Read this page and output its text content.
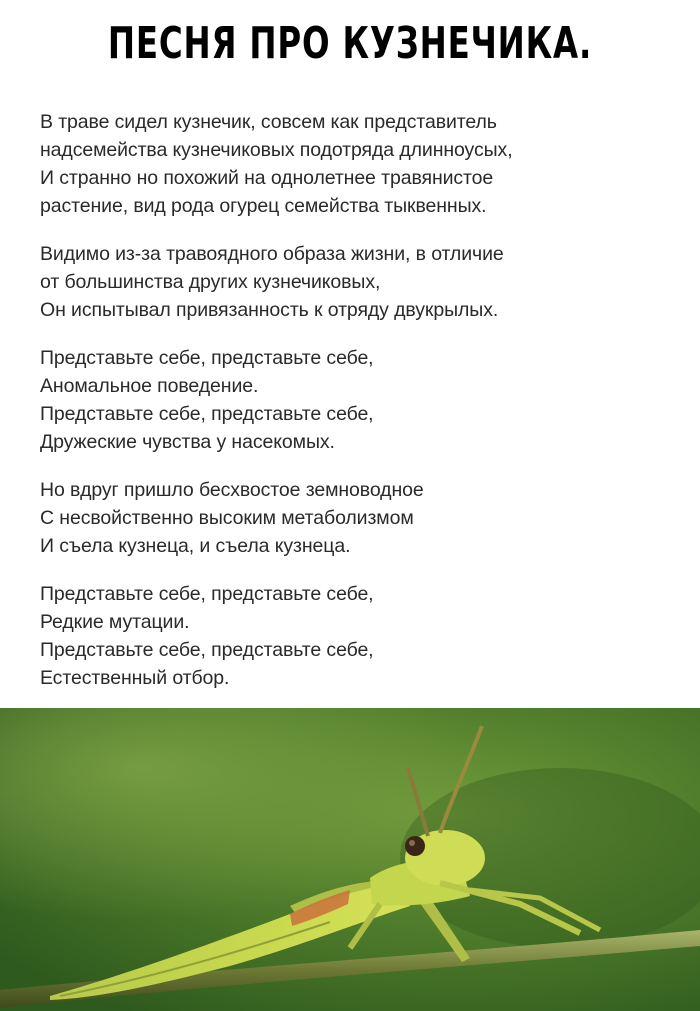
ПЕСНЯ ПРО КУЗНЕЧИКА.
В траве сидел кузнечик, совсем как представитель
надсемейства кузнечиковых подотряда длинноусых,
И странно но похожий на однолетнее травянистое
растение, вид рода огурец семейства тыквенных.
Видимо из-за травоядного образа жизни, в отличие
от большинства других кузнечиковых,
Он испытывал привязанность к отряду двукрылых.
Представьте себе, представьте себе,
Аномальное поведение.
Представьте себе, представьте себе,
Дружеские чувства у насекомых.
Но вдруг пришло бесхвостое земноводное
С несвойственно высоким метаболизмом
И съела кузнеца, и съела кузнеца.
Представьте себе, представьте себе,
Редкие мутации.
Представьте себе, представьте себе,
Естественный отбор.
